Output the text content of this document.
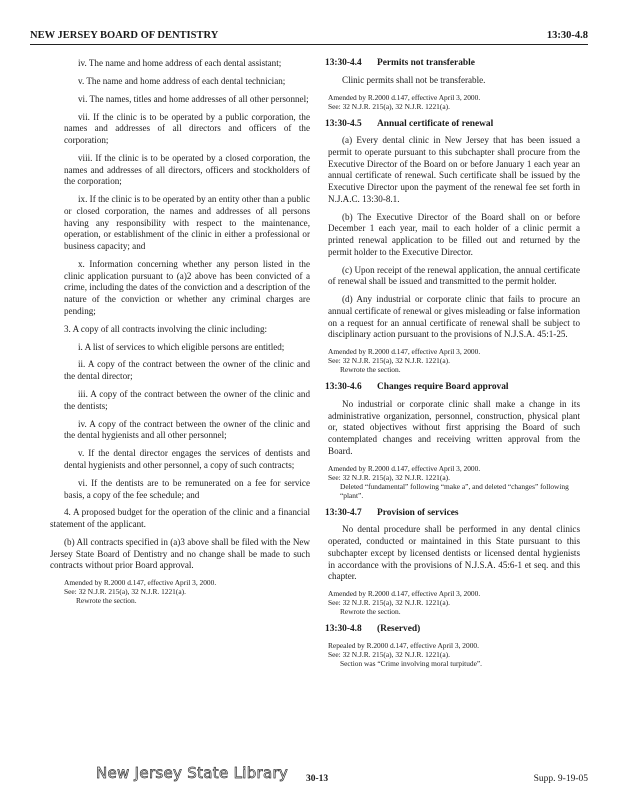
NEW JERSEY BOARD OF DENTISTRY	13:30-4.8

iv. The name and home address of each dental assistant;

v. The name and home address of each dental technician;

vi. The names, titles and home addresses of all other personnel;

vii. If the clinic is to be operated by a public corporation, the names and addresses of all directors and officers of the corporation;

viii. If the clinic is to be operated by a closed corporation, the names and addresses of all directors, officers and stockholders of the corporation;

ix. If the clinic is to be operated by an entity other than a public or closed corporation, the names and addresses of all persons having any responsibility with respect to the maintenance, operation, or establishment of the clinic in either a professional or business capacity; and

x. Information concerning whether any person listed in the clinic application pursuant to (a)2 above has been convicted of a crime, including the dates of the conviction and a description of the nature of the conviction or whether any criminal charges are pending;

3. A copy of all contracts involving the clinic including:

i. A list of services to which eligible persons are entitled;

ii. A copy of the contract between the owner of the clinic and the dental director;

iii. A copy of the contract between the owner of the clinic and the dentists;

iv. A copy of the contract between the owner of the clinic and the dental hygienists and all other personnel;

v. If the dental director engages the services of dentists and dental hygienists and other personnel, a copy of such contracts;

vi. If the dentists are to be remunerated on a fee for service basis, a copy of the fee schedule; and

4. A proposed budget for the operation of the clinic and a financial statement of the applicant.

(b) All contracts specified in (a)3 above shall be filed with the New Jersey State Board of Dentistry and no change shall be made to such contracts without prior Board approval.

Amended by R.2000 d.147, effective April 3, 2000.
See: 32 N.J.R. 215(a), 32 N.J.R. 1221(a).
Rewrote the section.
13:30-4.4 Permits not transferable

Clinic permits shall not be transferable.

Amended by R.2000 d.147, effective April 3, 2000.
See: 32 N.J.R. 215(a), 32 N.J.R. 1221(a).
13:30-4.5 Annual certificate of renewal

(a) Every dental clinic in New Jersey that has been issued a permit to operate pursuant to this subchapter shall procure from the Executive Director of the Board on or before January 1 each year an annual certificate of renewal. Such certificate shall be issued by the Executive Director upon the payment of the renewal fee set forth in N.J.A.C. 13:30-8.1.

(b) The Executive Director of the Board shall on or before December 1 each year, mail to each holder of a clinic permit a printed renewal application to be filled out and returned by the permit holder to the Executive Director.

(c) Upon receipt of the renewal application, the annual certificate of renewal shall be issued and transmitted to the permit holder.

(d) Any industrial or corporate clinic that fails to procure an annual certificate of renewal or gives misleading or false information on a request for an annual certificate of renewal shall be subject to disciplinary action pursuant to the provisions of N.J.S.A. 45:1-25.

Amended by R.2000 d.147, effective April 3, 2000.
See: 32 N.J.R. 215(a), 32 N.J.R. 1221(a).
Rewrote the section.
13:30-4.6 Changes require Board approval

No industrial or corporate clinic shall make a change in its administrative organization, personnel, construction, physical plant or, stated objectives without first apprising the Board of such contemplated changes and receiving written approval from the Board.

Amended by R.2000 d.147, effective April 3, 2000.
See: 32 N.J.R. 215(a), 32 N.J.R. 1221(a).
Deleted “fundamental” following “make a”, and deleted “changes” following “plant”.
13:30-4.7 Provision of services

No dental procedure shall be performed in any dental clinics operated, conducted or maintained in this State pursuant to this subchapter except by licensed dentists or licensed dental hygienists in accordance with the provisions of N.J.S.A. 45:6-1 et seq. and this chapter.

Amended by R.2000 d.147, effective April 3, 2000.
See: 32 N.J.R. 215(a), 32 N.J.R. 1221(a).
Rewrote the section.
13:30-4.8 (Reserved)
Repealed by R.2000 d.147, effective April 3, 2000.
See: 32 N.J.R. 215(a), 32 N.J.R. 1221(a).
Section was “Crime involving moral turpitude”.
New Jersey State Library 30-13	Supp. 9-19-05
